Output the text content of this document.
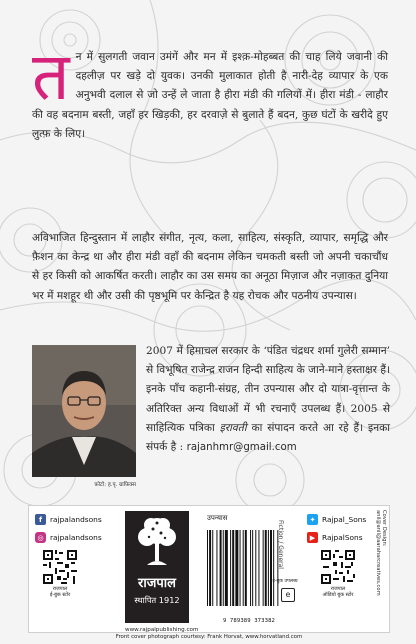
त न में सुलगती जवान उमंगें और मन में इश्क़-मोहब्बत की चाह लिये जवानी की दहलीज़ पर खड़े दो युवक। उनकी मुलाकात होती है नारी-देह व्यापार के एक अनुभवी दलाल से जो उन्हें ले जाता है हीरा मंडी की गलियों में। हीरा मंडी - लाहौर की वह बदनाम बस्ती, जहाँ हर खिड़की, हर दरवाज़े से बुलाते हैं बदन, कुछ घंटों के खरीदे हुए लुत्फ़ के लिए।
अविभाजित हिन्दुस्तान में लाहौर संगीत, नृत्य, कला, साहित्य, संस्कृति, व्यापार, समृद्धि और फ़ैशन का केन्द्र था और हीरा मंडी वहाँ की बदनाम लेकिन चमकती बस्ती जो अपनी चकाचौंध से हर किसी को आकर्षित करती। लाहौर का उस समय का अनूठा मिज़ाज और नज़ाकत दुनिया भर में मशहूर थी और उसी की पृष्ठभूमि पर केन्द्रित है यह रोचक और पठनीय उपन्यास।
फ़ोटो: ह.पृ. ग्राफ़िक्स
2007 में हिमाचल सरकार के ‘पंडित चंद्रधर शर्मा गुलेरी सम्मान’ से विभूषित राजेन्द्र राजन हिन्दी साहित्य के जाने-माने हस्ताक्षर हैं। इनके पाँच कहानी-संग्रह, तीन उपन्यास और दो यात्रा-वृत्तान्त के अतिरिक्त अन्य विधाओं में भी रचनाएँ उपलब्ध हैं। 2005 से साहित्यिक पत्रिका इरावती का संपादन करते आ रहे हैं। इनका संपर्क है : rajanhmr@gmail.com
f	rajpalandsons
◎ rajpalandsons
राजपाल
ई-बुक स्टोर
राजपाल
स्थापित 1912
www.rajpalpublishing.com
उपन्यास
9 789389 373382
Fiction / General
e
ई-बुक उपलब्ध
✦ Rajpal_Sons
▶ RajpalSons
राजपाल
ऑडियो बुक स्टोर
Cover Design: anil@anil@aaraharcreatives.com
Front cover photograph courtesy: Frank Horvat, www.horvatland.com
